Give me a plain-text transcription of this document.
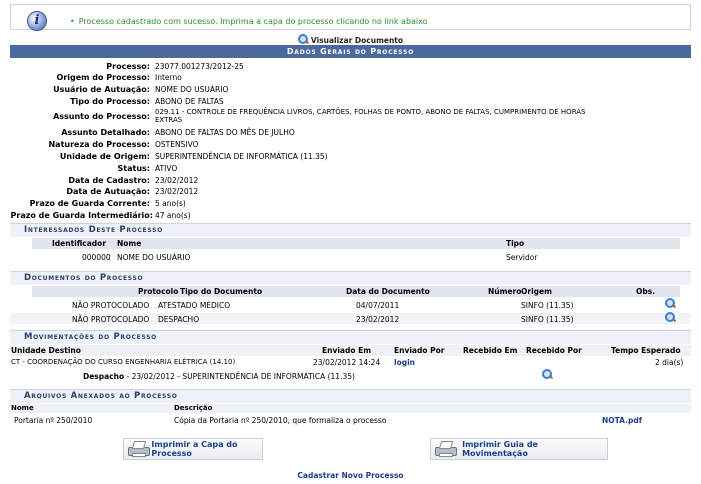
i
•	Processo cadastrado com sucesso. Imprima a capa do processo clicando no link abaixo
Visualizar Documento
Dados Gerais do Processo
Processo: 23077.001273/2012-25
Origem do Processo: Interno
Usuário de Autuação: NOME DO USUÁRIO
Tipo do Processo: ABONO DE FALTAS
Assunto do Processo: 029.11 - CONTROLE DE FREQUÊNCIA LIVROS, CARTÕES, FOLHAS DE PONTO, ABONO DE FALTAS, CUMPRIMENTO DE HORAS
EXTRAS
Assunto Detalhado: ABONO DE FALTAS DO MÊS DE JULHO
Natureza do Processo: OSTENSIVO
Unidade de Origem: SUPERINTENDÊNCIA DE INFORMÁTICA (11.35)
Status: ATIVO
Data de Cadastro: 23/02/2012
Data de Autuação: 23/02/2012
Prazo de Guarda Corrente: 5 ano(s)
Prazo de Guarda Intermediário: 47 ano(s)
Interessados Deste Processo
Identificador Nome	Tipo
000000 NOME DO USUÁRIO	Servidor
Documentos do Processo
Protocolo Tipo do Documento	Data do Documento	Número Origem	Obs.
NÃO PROTOCOLADO ATESTADO MÉDICO	04/07/2011	SINFO (11.35)
NÃO PROTOCOLADO DESPACHO	23/02/2012	SINFO (11.35)
Movimentações do Processo
Unidade Destino	Enviado Em	Enviado Por Recebido Em Recebido Por	Tempo Esperado
CT - COORDENAÇÃO DO CURSO ENGENHARIA ELÉTRICA (14.10)	23/02/2012 14:24 login	2 dia(s)
Despacho - 23/02/2012 - SUPERINTENDÊNCIA DE INFORMÁTICA (11.35)
Arquivos Anexados ao Processo
Nome	Descrição
Portaria nº 250/2010	Cópia da Portaria nº 250/2010, que formaliza o processo	NOTA.pdf
Imprimir a Capa do Processo
Imprimir Guia de Movimentação
Cadastrar Novo Processo
